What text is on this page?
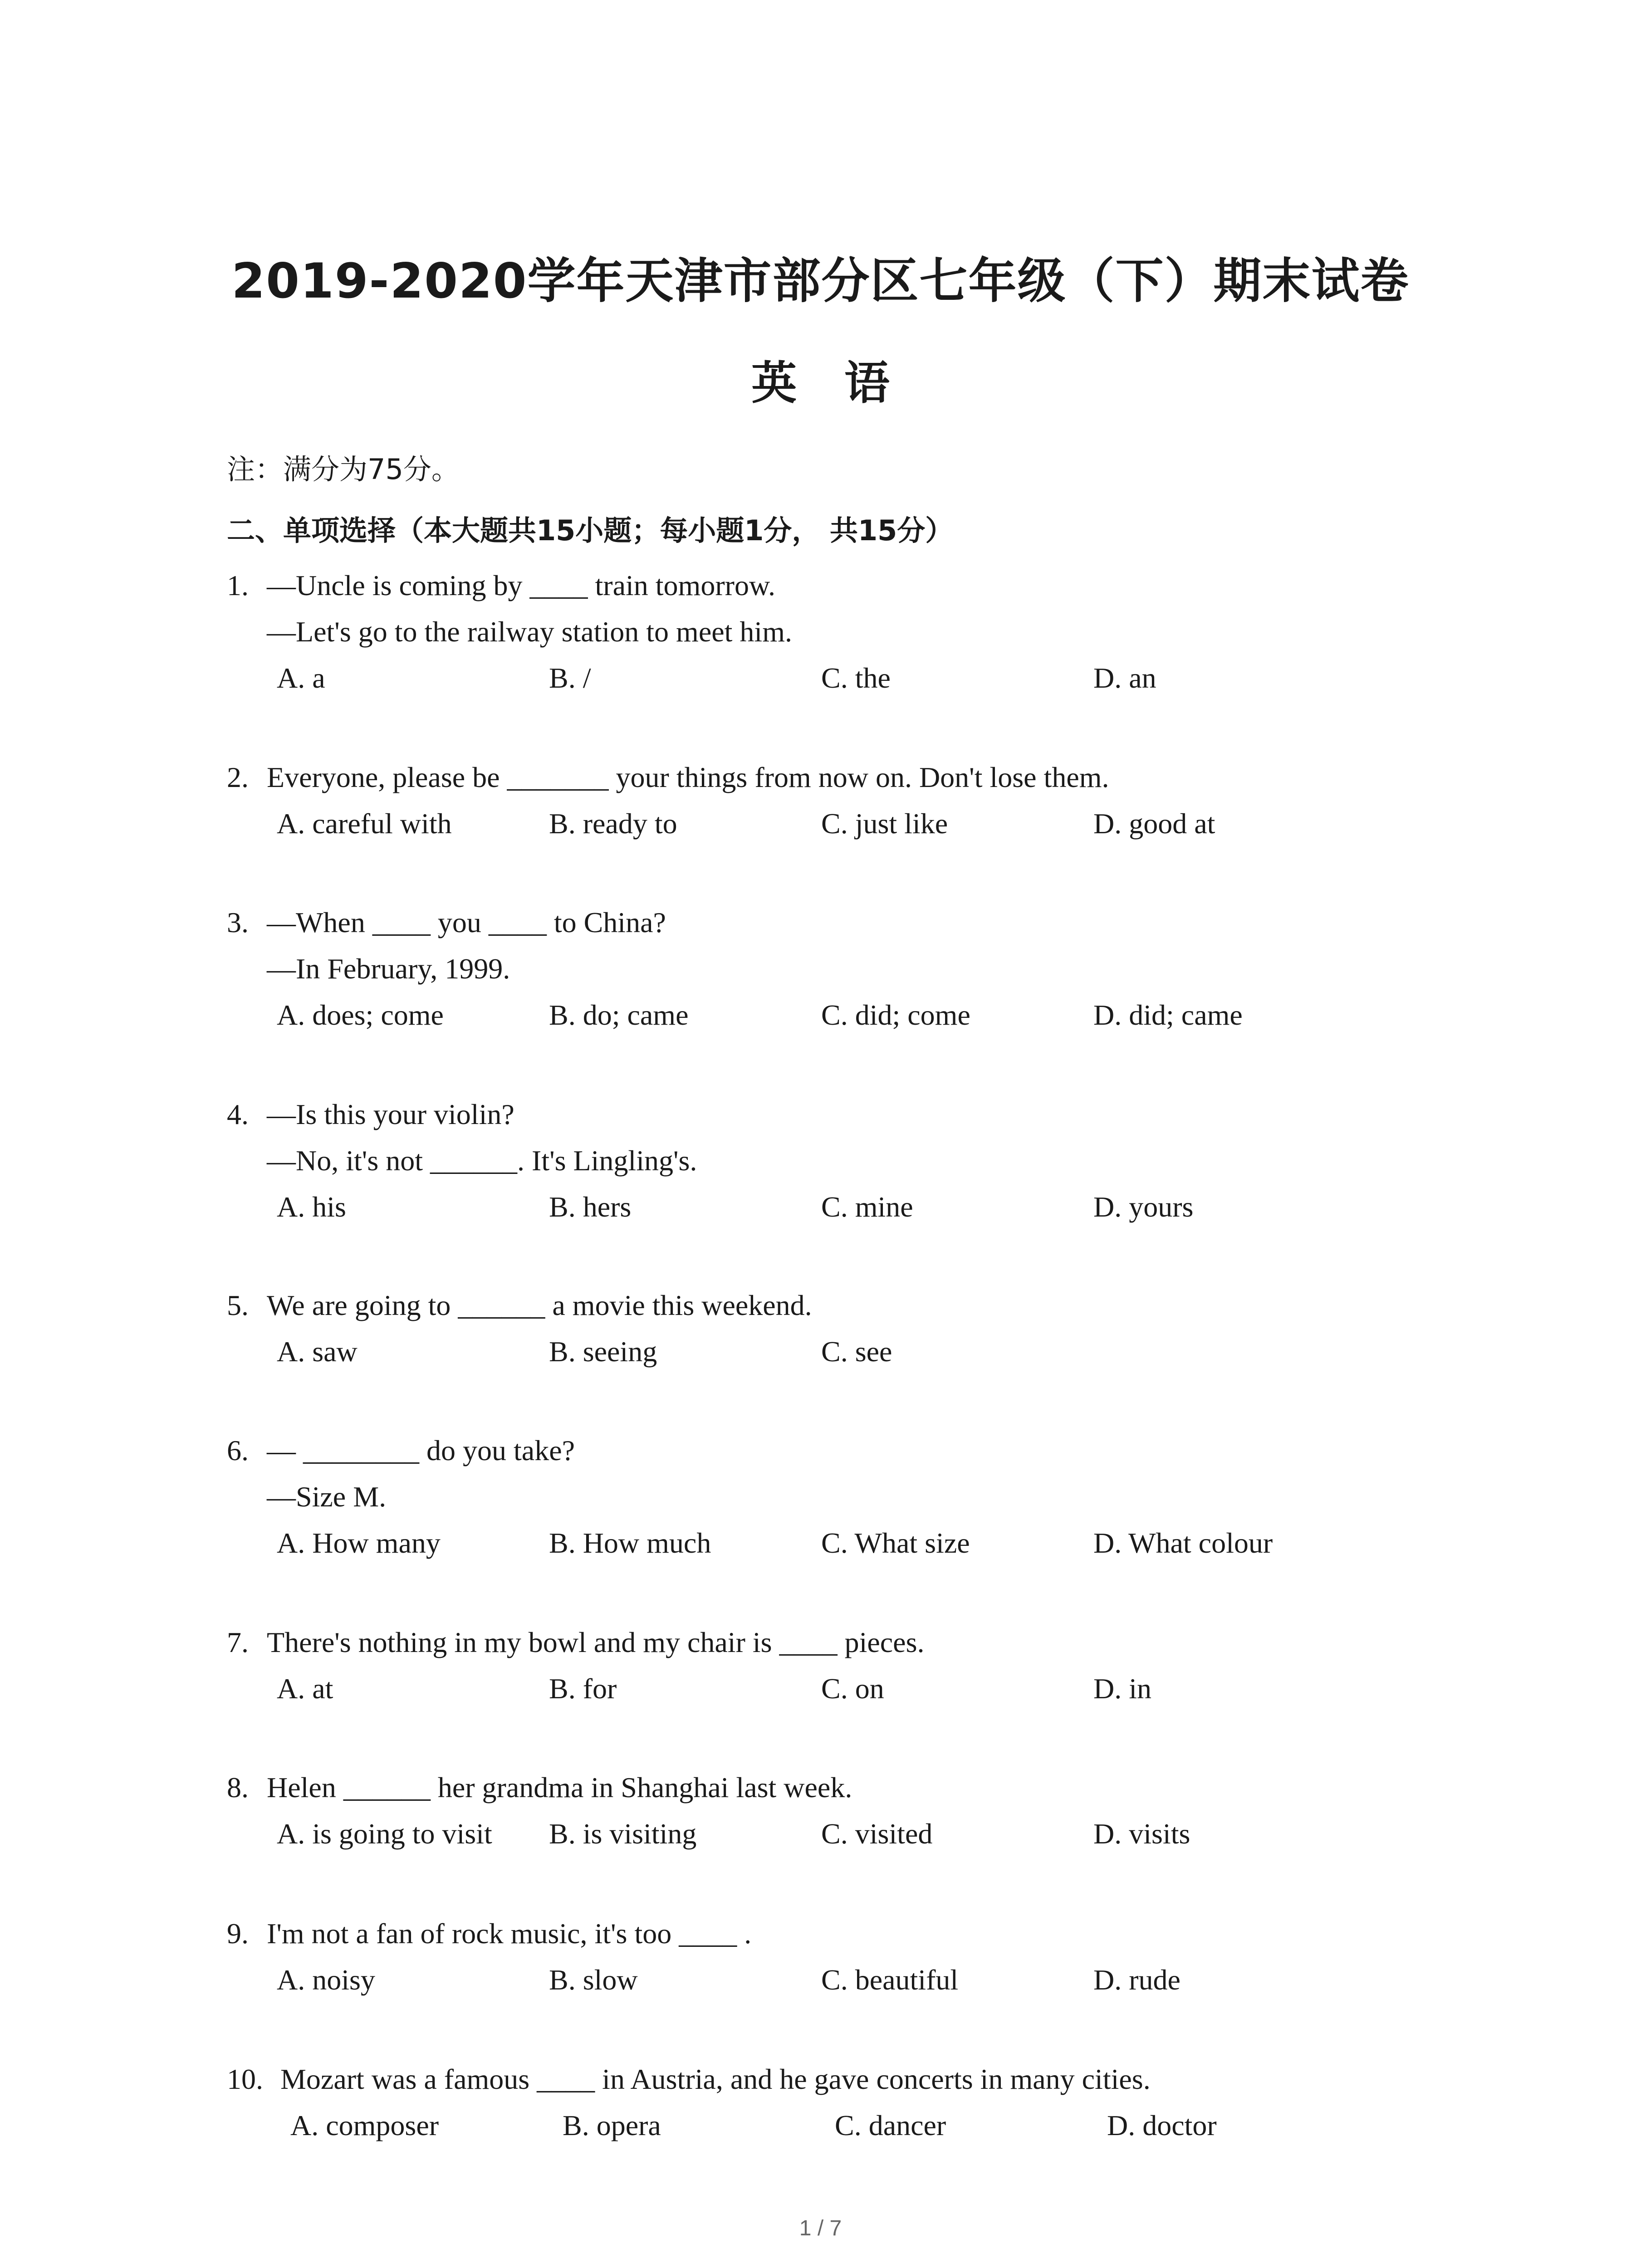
2019-2020学年天津市部分区七年级（下）期末试卷
英 语
注：满分为75分。
二、单项选择（本大题共15小题；每小题1分， 共15分）
1. —Uncle is coming by ____ train tomorrow.
—Let's go to the railway station to meet him.
A. a	B. /	C. the	D. an
2. Everyone, please be _______ your things from now on. Don't lose them.
A. careful with	B. ready to	C. just like	D. good at
3. —When ____ you ____ to China?
—In February, 1999.
A. does; come	B. do; came	C. did; come	D. did; came
4. —Is this your violin?
—No, it's not ______. It's Lingling's.
A. his	B. hers	C. mine	D. yours
5. We are going to ______ a movie this weekend.
A. saw	B. seeing	C. see
6. — ________ do you take?
—Size M.
A. How many	B. How much	C. What size	D. What colour
7. There's nothing in my bowl and my chair is ____ pieces.
A. at	B. for	C. on	D. in
8. Helen ______ her grandma in Shanghai last week.
A. is going to visit	B. is visiting	C. visited	D. visits
9. I'm not a fan of rock music, it's too ____ .
A. noisy	B. slow	C. beautiful	D. rude
10. Mozart was a famous ____ in Austria, and he gave concerts in many cities.
A. composer	B. opera	C. dancer	D. doctor
1 / 7
